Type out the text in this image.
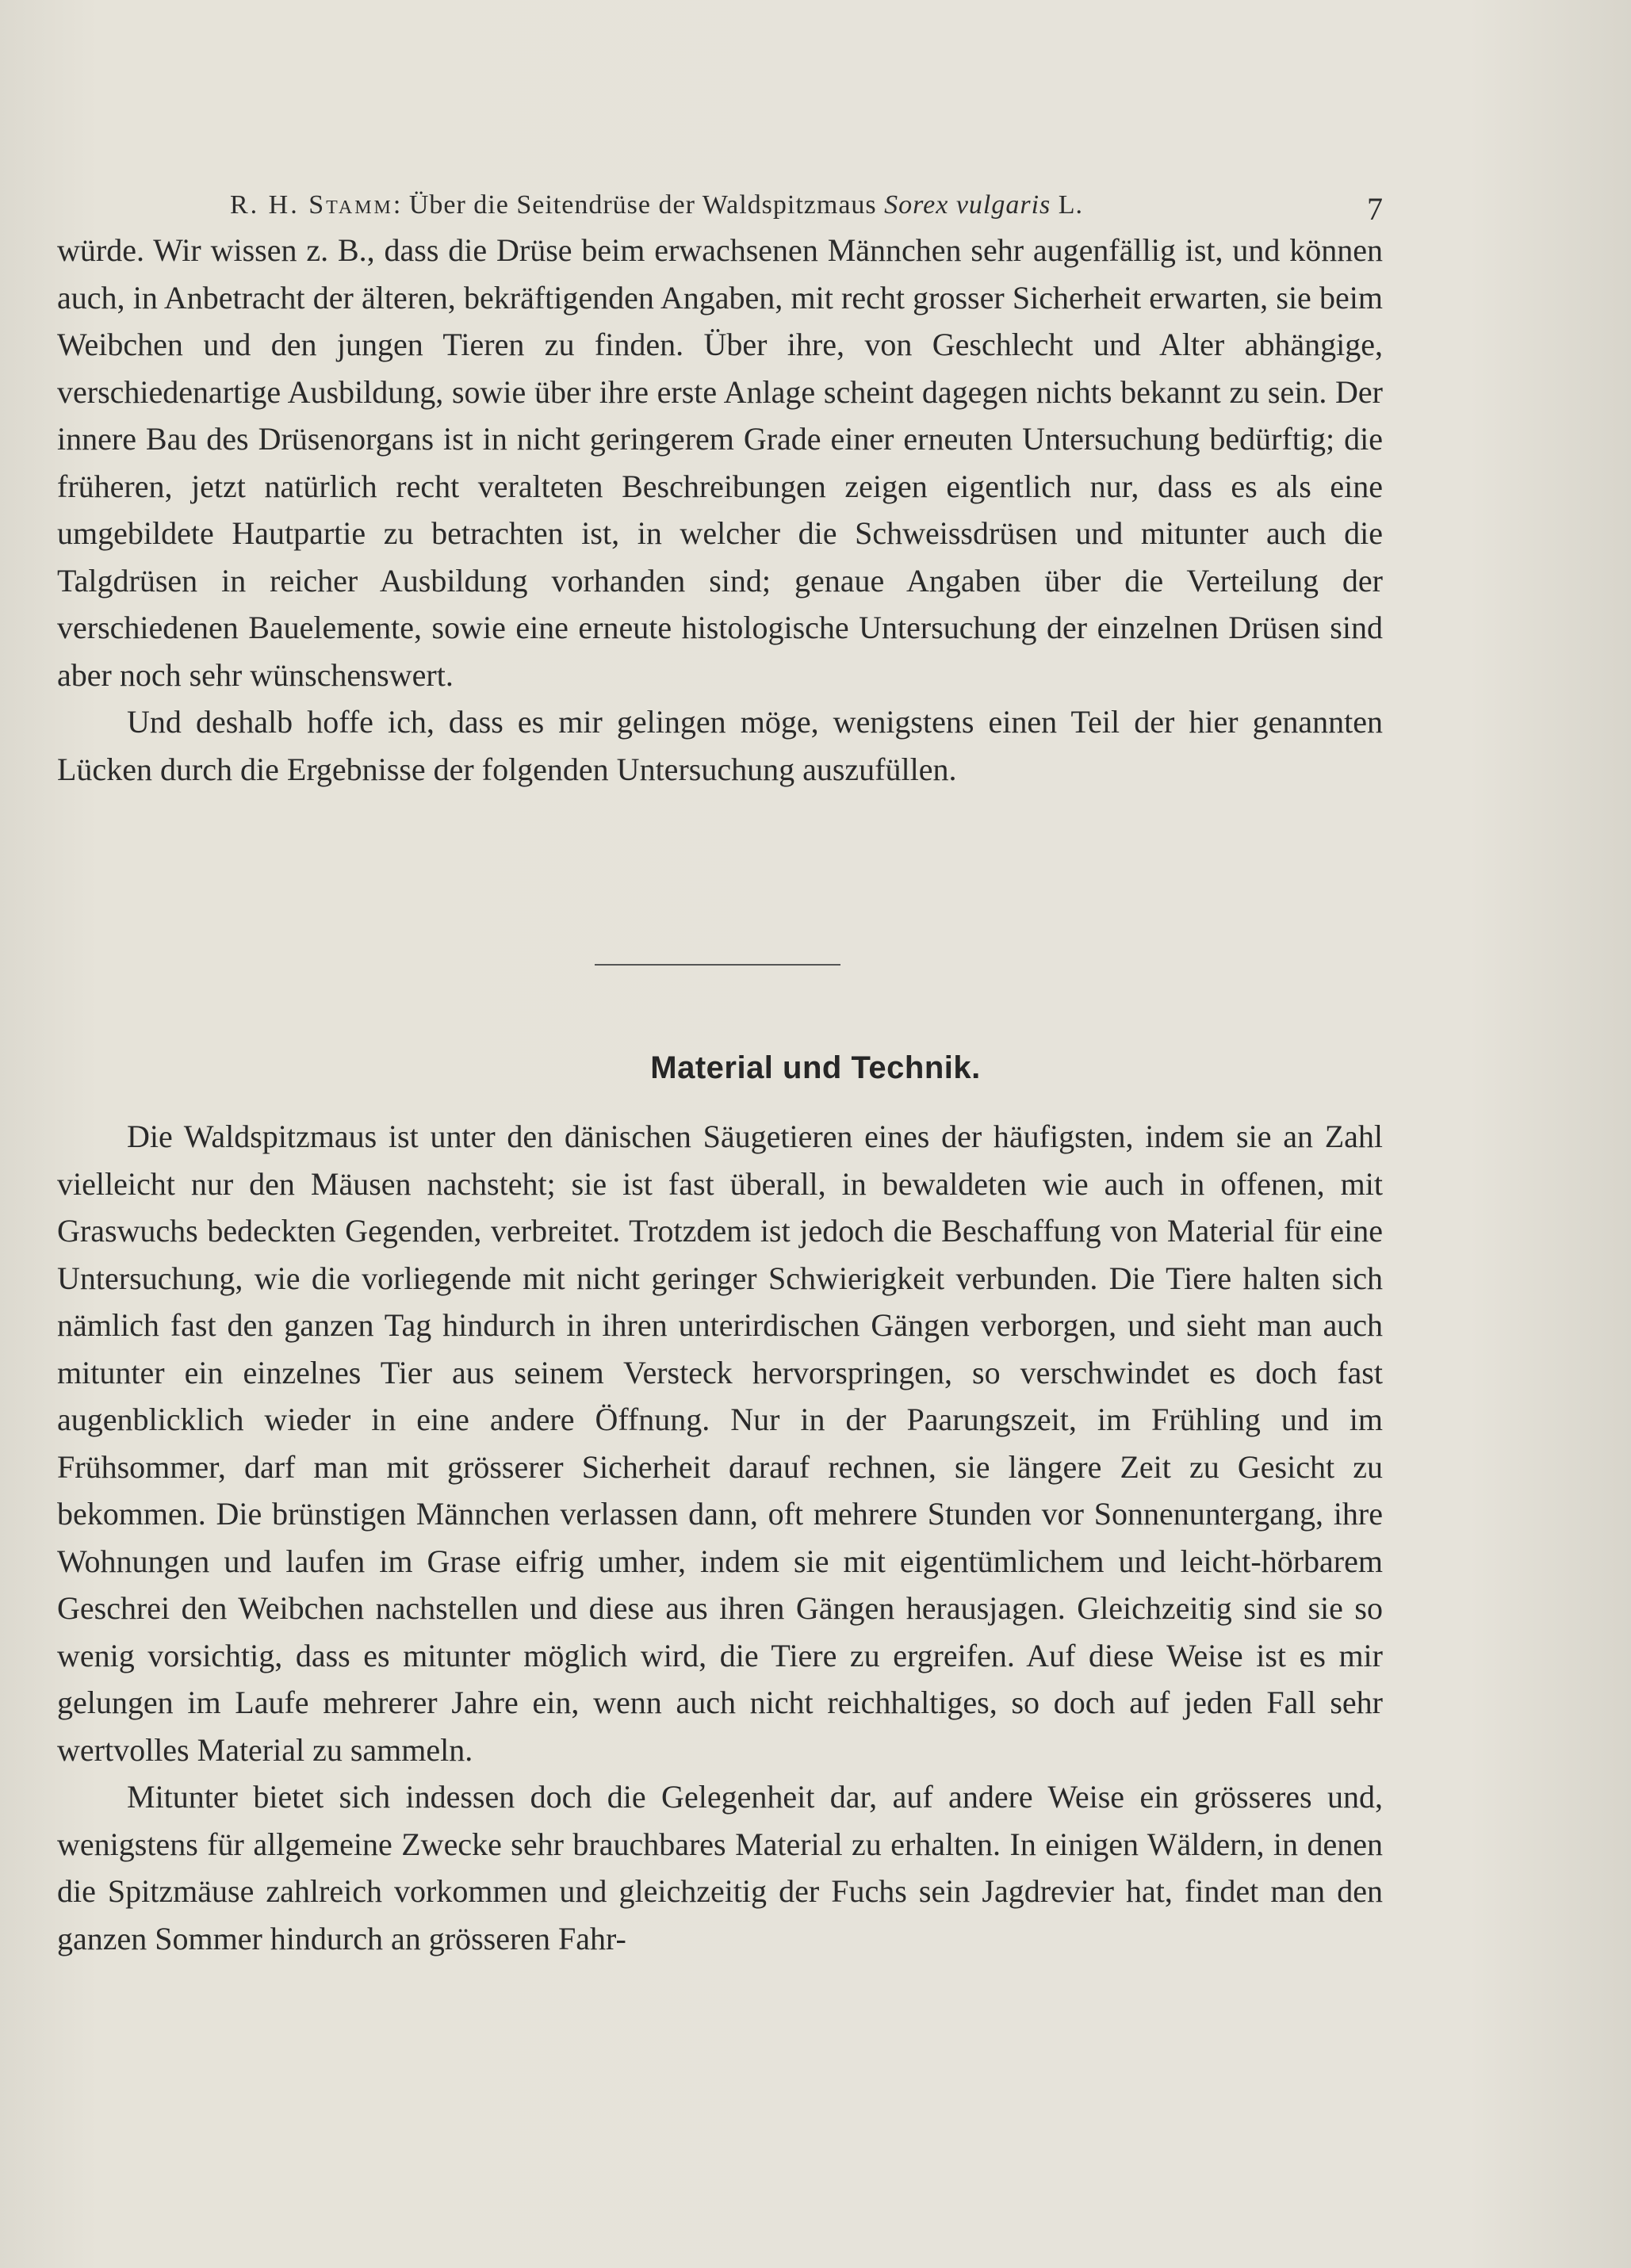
R. H. Stamm: Über die Seitendrüse der Waldspitzmaus Sorex vulgaris L.	7

würde. Wir wissen z. B., dass die Drüse beim erwachsenen Männchen sehr augenfällig ist, und können auch, in Anbetracht der älteren, bekräftigenden Angaben, mit recht grosser Sicherheit erwarten, sie beim Weibchen und den jungen Tieren zu finden. Über ihre, von Geschlecht und Alter abhängige, verschiedenartige Ausbildung, sowie über ihre erste Anlage scheint dagegen nichts bekannt zu sein. Der innere Bau des Drüsenorgans ist in nicht geringerem Grade einer erneuten Untersuchung bedürftig; die früheren, jetzt natürlich recht veralteten Beschreibungen zeigen eigentlich nur, dass es als eine umgebildete Hautpartie zu betrachten ist, in welcher die Schweissdrüsen und mitunter auch die Talgdrüsen in reicher Ausbildung vorhanden sind; genaue Angaben über die Verteilung der verschiedenen Bauelemente, sowie eine erneute histologische Untersuchung der einzelnen Drüsen sind aber noch sehr wünschenswert.

Und deshalb hoffe ich, dass es mir gelingen möge, wenigstens einen Teil der hier genannten Lücken durch die Ergebnisse der folgenden Untersuchung auszufüllen.

Material und Technik.

Die Waldspitzmaus ist unter den dänischen Säugetieren eines der häufigsten, indem sie an Zahl vielleicht nur den Mäusen nachsteht; sie ist fast überall, in bewaldeten wie auch in offenen, mit Graswuchs bedeckten Gegenden, verbreitet. Trotzdem ist jedoch die Beschaffung von Material für eine Untersuchung, wie die vorliegende mit nicht geringer Schwierigkeit verbunden. Die Tiere halten sich nämlich fast den ganzen Tag hindurch in ihren unterirdischen Gängen verborgen, und sieht man auch mitunter ein einzelnes Tier aus seinem Versteck hervorspringen, so verschwindet es doch fast augenblicklich wieder in eine andere Öffnung. Nur in der Paarungszeit, im Frühling und im Frühsommer, darf man mit grösserer Sicherheit darauf rechnen, sie längere Zeit zu Gesicht zu bekommen. Die brünstigen Männchen verlassen dann, oft mehrere Stunden vor Sonnenuntergang, ihre Wohnungen und laufen im Grase eifrig umher, indem sie mit eigentümlichem und leicht-hörbarem Geschrei den Weibchen nachstellen und diese aus ihren Gängen herausjagen. Gleichzeitig sind sie so wenig vorsichtig, dass es mitunter möglich wird, die Tiere zu ergreifen. Auf diese Weise ist es mir gelungen im Laufe mehrerer Jahre ein, wenn auch nicht reichhaltiges, so doch auf jeden Fall sehr wertvolles Material zu sammeln.

Mitunter bietet sich indessen doch die Gelegenheit dar, auf andere Weise ein grösseres und, wenigstens für allgemeine Zwecke sehr brauchbares Material zu erhalten. In einigen Wäldern, in denen die Spitzmäuse zahlreich vorkommen und gleichzeitig der Fuchs sein Jagdrevier hat, findet man den ganzen Sommer hindurch an grösseren Fahr-
